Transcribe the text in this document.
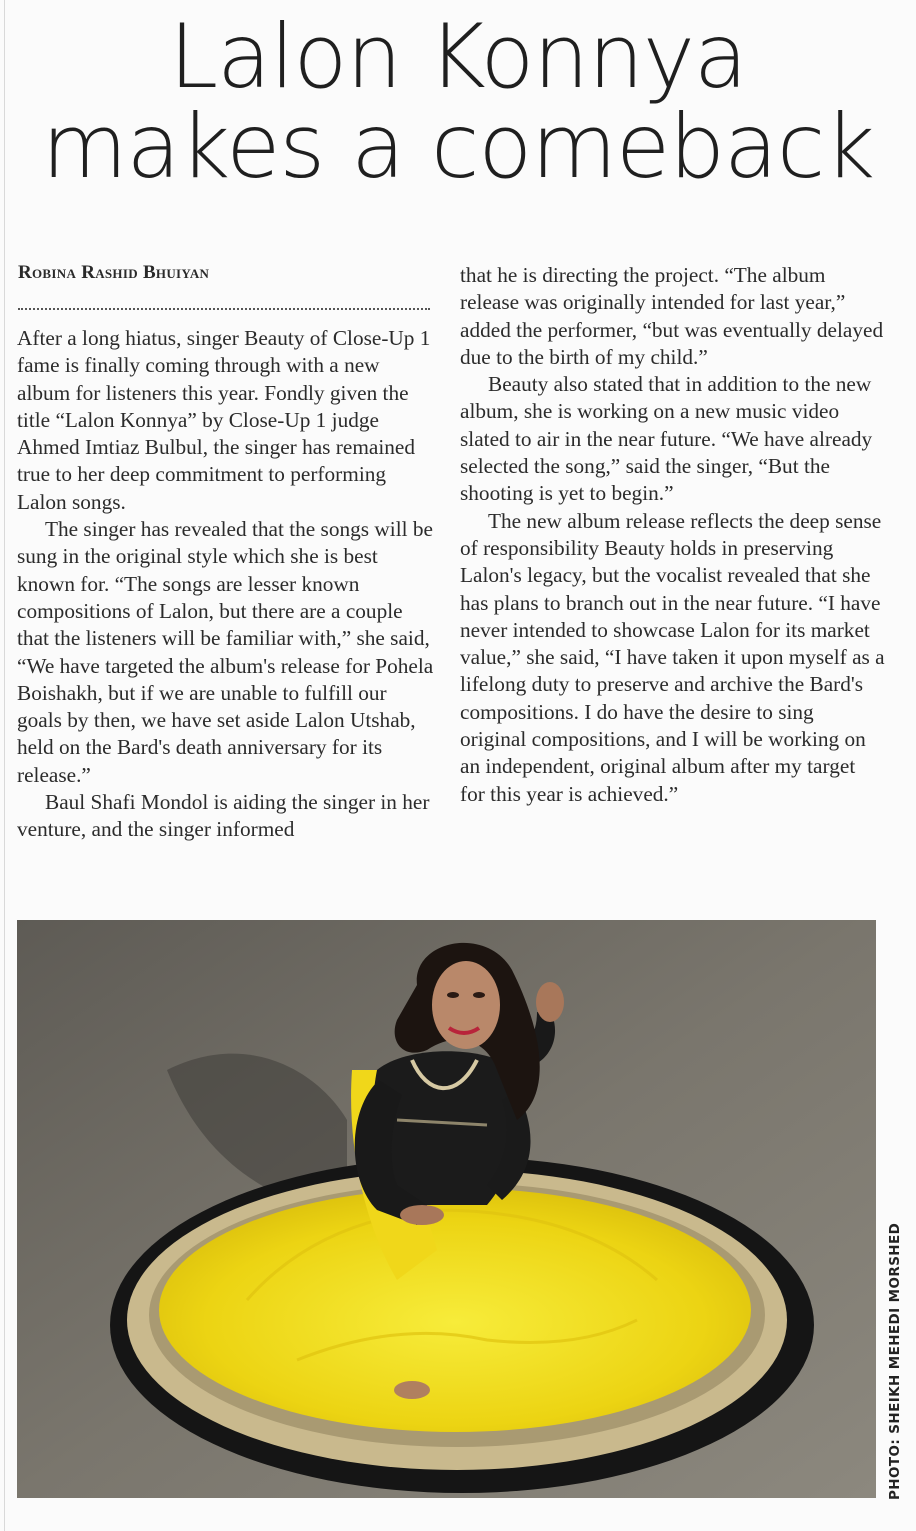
Lalon Konnya
makes a comeback
Robina Rashid Bhuiyan

After a long hiatus, singer Beauty of Close-Up 1 fame is finally coming through with a new album for listeners this year. Fondly given the title “Lalon Konnya” by Close-Up 1 judge Ahmed Imtiaz Bulbul, the singer has remained true to her deep commitment to performing Lalon songs.

The singer has revealed that the songs will be sung in the original style which she is best known for. “The songs are lesser known compositions of Lalon, but there are a couple that the listeners will be familiar with,” she said, “We have targeted the album's release for Pohela Boishakh, but if we are unable to fulfill our goals by then, we have set aside Lalon Utshab, held on the Bard's death anniversary for its release.”

Baul Shafi Mondol is aiding the singer in her venture, and the singer informed

that he is directing the project. “The album release was originally intended for last year,” added the performer, “but was eventually delayed due to the birth of my child.”

Beauty also stated that in addition to the new album, she is working on a new music video slated to air in the near future. “We have already selected the song,” said the singer, “But the shooting is yet to begin.”

The new album release reflects the deep sense of responsibility Beauty holds in preserving Lalon's legacy, but the vocalist revealed that she has plans to branch out in the near future. “I have never intended to showcase Lalon for its market value,” she said, “I have taken it upon myself as a lifelong duty to preserve and archive the Bard's compositions. I do have the desire to sing original compositions, and I will be working on an independent, original album after my target for this year is achieved.”

PHOTO: SHEIKH MEHEDI MORSHED
